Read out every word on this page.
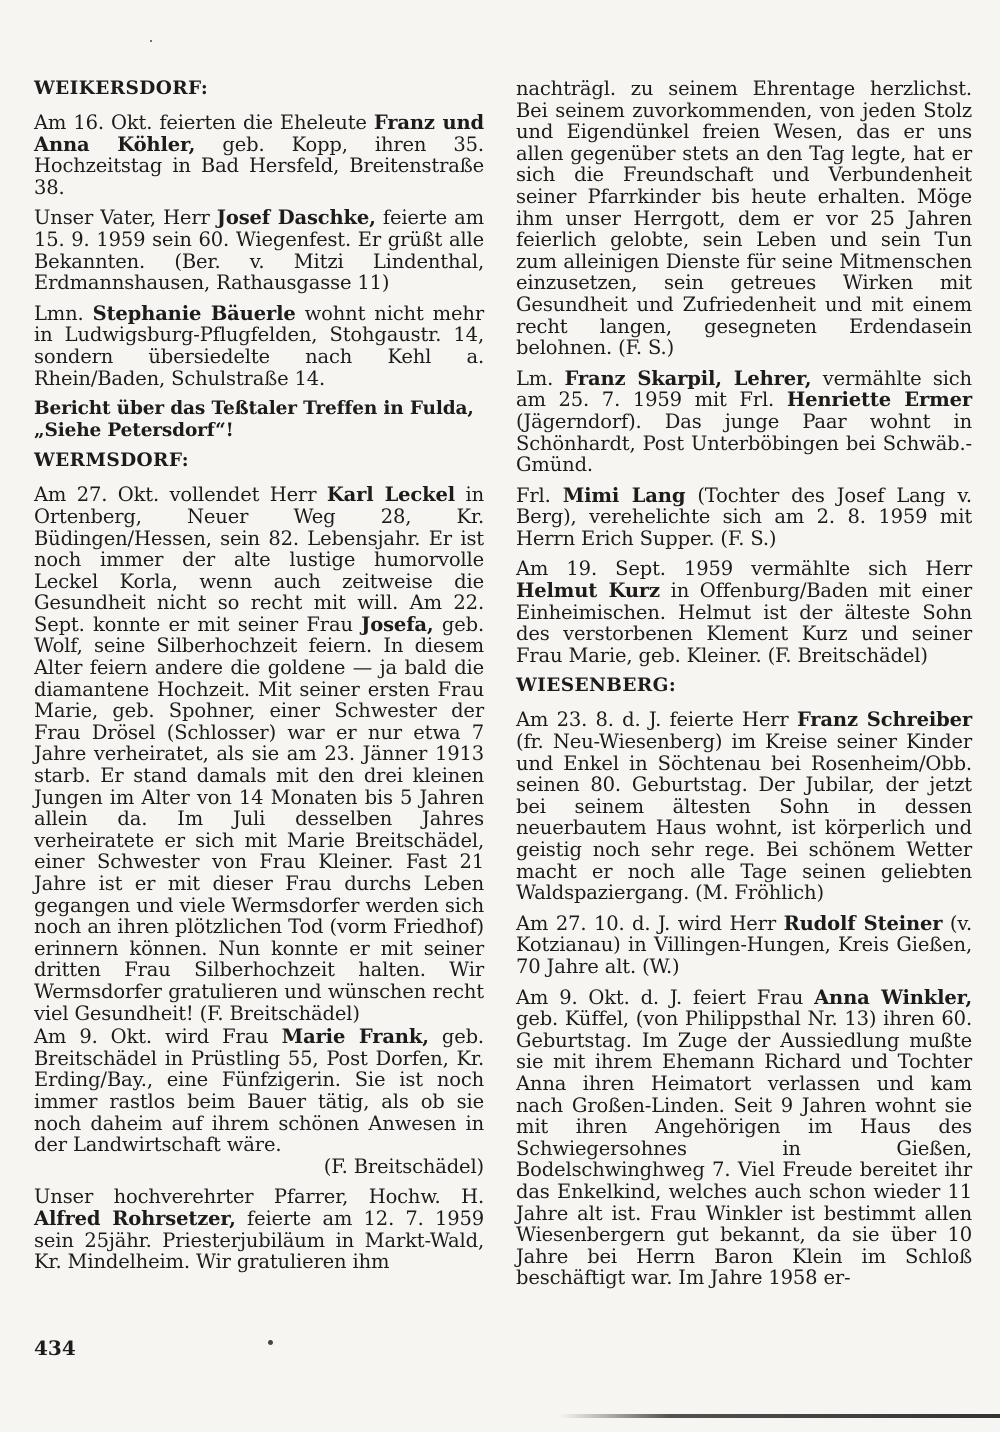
WEIKERSDORF:

Am 16. Okt. feierten die Eheleute Franz und Anna Köhler, geb. Kopp, ihren 35. Hochzeitstag in Bad Hersfeld, Breitenstraße 38.

Unser Vater, Herr Josef Daschke, feierte am 15. 9. 1959 sein 60. Wiegenfest. Er grüßt alle Bekannten. (Ber. v. Mitzi Lindenthal, Erdmannshausen, Rathausgasse 11)

Lmn. Stephanie Bäuerle wohnt nicht mehr in Ludwigsburg-Pflugfelden, Stohgaustr. 14, sondern übersiedelte nach Kehl a. Rhein/Baden, Schulstraße 14.

Bericht über das Teßtaler Treffen in Fulda, „Siehe Petersdorf“!

WERMSDORF:

Am 27. Okt. vollendet Herr Karl Leckel in Ortenberg, Neuer Weg 28, Kr. Büdingen/Hessen, sein 82. Lebensjahr. Er ist noch immer der alte lustige humorvolle Leckel Korla, wenn auch zeitweise die Gesundheit nicht so recht mit will. Am 22. Sept. konnte er mit seiner Frau Josefa, geb. Wolf, seine Silberhochzeit feiern. In diesem Alter feiern andere die goldene — ja bald die diamantene Hochzeit. Mit seiner ersten Frau Marie, geb. Spohner, einer Schwester der Frau Drösel (Schlosser) war er nur etwa 7 Jahre verheiratet, als sie am 23. Jänner 1913 starb. Er stand damals mit den drei kleinen Jungen im Alter von 14 Monaten bis 5 Jahren allein da. Im Juli desselben Jahres verheiratete er sich mit Marie Breitschädel, einer Schwester von Frau Kleiner. Fast 21 Jahre ist er mit dieser Frau durchs Leben gegangen und viele Wermsdorfer werden sich noch an ihren plötzlichen Tod (vorm Friedhof) erinnern können. Nun konnte er mit seiner dritten Frau Silberhochzeit halten. Wir Wermsdorfer gratulieren und wünschen recht viel Gesundheit! (F. Breitschädel)

Am 9. Okt. wird Frau Marie Frank, geb. Breitschädel in Prüstling 55, Post Dorfen, Kr. Erding/Bay., eine Fünfzigerin. Sie ist noch immer rastlos beim Bauer tätig, als ob sie noch daheim auf ihrem schönen Anwesen in der Landwirtschaft wäre.

(F. Breitschädel)

Unser hochverehrter Pfarrer, Hochw. H. Alfred Rohrsetzer, feierte am 12. 7. 1959 sein 25jähr. Priesterjubiläum in Markt-Wald, Kr. Mindelheim. Wir gratulieren ihm

nachträgl. zu seinem Ehrentage herzlichst. Bei seinem zuvorkommenden, von jeden Stolz und Eigendünkel freien Wesen, das er uns allen gegenüber stets an den Tag legte, hat er sich die Freundschaft und Verbundenheit seiner Pfarrkinder bis heute erhalten. Möge ihm unser Herrgott, dem er vor 25 Jahren feierlich gelobte, sein Leben und sein Tun zum alleinigen Dienste für seine Mitmenschen einzusetzen, sein getreues Wirken mit Gesundheit und Zufriedenheit und mit einem recht langen, gesegneten Erdendasein belohnen. (F. S.)

Lm. Franz Skarpil, Lehrer, vermählte sich am 25. 7. 1959 mit Frl. Henriette Ermer (Jägerndorf). Das junge Paar wohnt in Schönhardt, Post Unterböbingen bei Schwäb.-Gmünd.

Frl. Mimi Lang (Tochter des Josef Lang v. Berg), verehelichte sich am 2. 8. 1959 mit Herrn Erich Supper. (F. S.)

Am 19. Sept. 1959 vermählte sich Herr Helmut Kurz in Offenburg/Baden mit einer Einheimischen. Helmut ist der älteste Sohn des verstorbenen Klement Kurz und seiner Frau Marie, geb. Kleiner. (F. Breitschädel)

WIESENBERG:

Am 23. 8. d. J. feierte Herr Franz Schreiber (fr. Neu-Wiesenberg) im Kreise seiner Kinder und Enkel in Söchtenau bei Rosenheim/Obb. seinen 80. Geburtstag. Der Jubilar, der jetzt bei seinem ältesten Sohn in dessen neuerbautem Haus wohnt, ist körperlich und geistig noch sehr rege. Bei schönem Wetter macht er noch alle Tage seinen geliebten Waldspaziergang. (M. Fröhlich)

Am 27. 10. d. J. wird Herr Rudolf Steiner (v. Kotzianau) in Villingen-Hungen, Kreis Gießen, 70 Jahre alt. (W.)

Am 9. Okt. d. J. feiert Frau Anna Winkler, geb. Küffel, (von Philippsthal Nr. 13) ihren 60. Geburtstag. Im Zuge der Aussiedlung mußte sie mit ihrem Ehemann Richard und Tochter Anna ihren Heimatort verlassen und kam nach Großen-Linden. Seit 9 Jahren wohnt sie mit ihren Angehörigen im Haus des Schwiegersohnes in Gießen, Bodelschwinghweg 7. Viel Freude bereitet ihr das Enkelkind, welches auch schon wieder 11 Jahre alt ist. Frau Winkler ist bestimmt allen Wiesenbergern gut bekannt, da sie über 10 Jahre bei Herrn Baron Klein im Schloß beschäftigt war. Im Jahre 1958 er-

434
